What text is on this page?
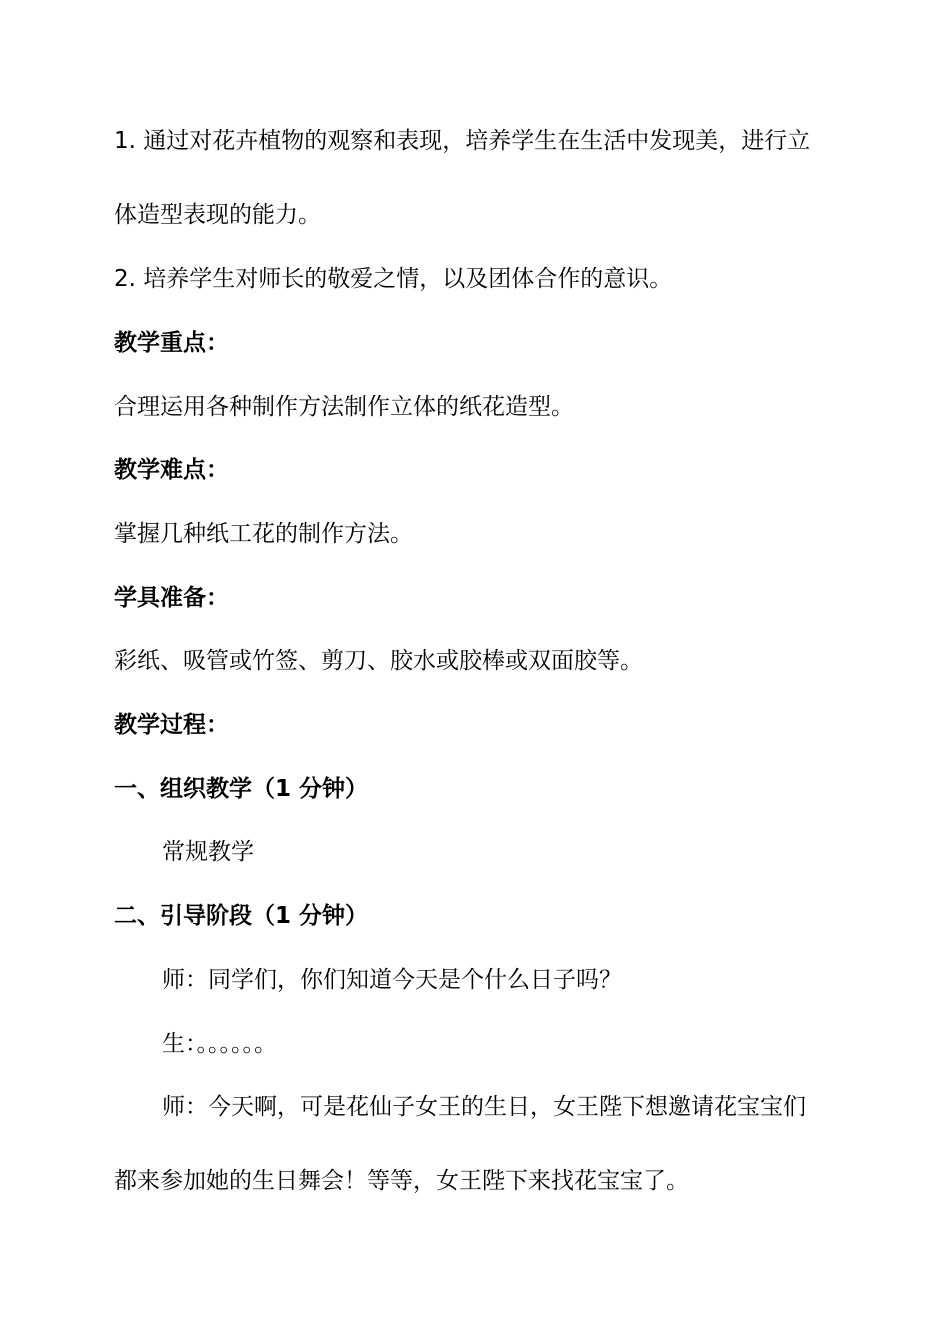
1. 通过对花卉植物的观察和表现，培养学生在生活中发现美，进行立
体造型表现的能力。
2. 培养学生对师长的敬爱之情，以及团体合作的意识。
教学重点：
合理运用各种制作方法制作立体的纸花造型。
教学难点：
掌握几种纸工花的制作方法。
学具准备：
彩纸、吸管或竹签、剪刀、胶水或胶棒或双面胶等。
教学过程：
一、组织教学（1 分钟）
常规教学
二、引导阶段（1 分钟）
师：同学们，你们知道今天是个什么日子吗？
生：。。。。。。
师：今天啊，可是花仙子女王的生日，女王陛下想邀请花宝宝们
都来参加她的生日舞会！等等，女王陛下来找花宝宝了。
